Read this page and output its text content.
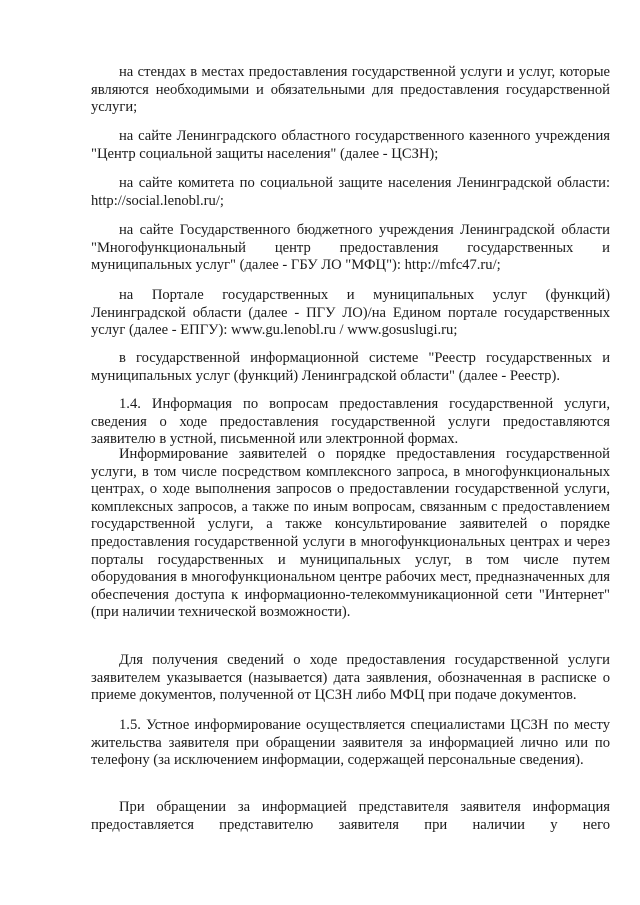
на стендах в местах предоставления государственной услуги и услуг, которые являются необходимыми и обязательными для предоставления государственной услуги;

на сайте Ленинградского областного государственного казенного учреждения "Центр социальной защиты населения" (далее - ЦСЗН);

на сайте комитета по социальной защите населения Ленинградской области: http://social.lenobl.ru/;

на сайте Государственного бюджетного учреждения Ленинградской области "Многофункциональный центр предоставления государственных и муниципальных услуг" (далее - ГБУ ЛО "МФЦ"): http://mfc47.ru/;

на Портале государственных и муниципальных услуг (функций) Ленинградской области (далее - ПГУ ЛО)/на Едином портале государственных услуг (далее - ЕПГУ): www.gu.lenobl.ru / www.gosuslugi.ru;

в государственной информационной системе "Реестр государственных и муниципальных услуг (функций) Ленинградской области" (далее - Реестр).

1.4. Информация по вопросам предоставления государственной услуги, сведения о ходе предоставления государственной услуги предоставляются заявителю в устной, письменной или электронной формах.

Информирование заявителей о порядке предоставления государственной услуги, в том числе посредством комплексного запроса, в многофункциональных центрах, о ходе выполнения запросов о предоставлении государственной услуги, комплексных запросов, а также по иным вопросам, связанным с предоставлением государственной услуги, а также консультирование заявителей о порядке предоставления государственной услуги в многофункциональных центрах и через порталы государственных и муниципальных услуг, в том числе путем оборудования в многофункциональном центре рабочих мест, предназначенных для обеспечения доступа к информационно-телекоммуникационной сети "Интернет" (при наличии технической возможности).

Для получения сведений о ходе предоставления государственной услуги заявителем указывается (называется) дата заявления, обозначенная в расписке о приеме документов, полученной от ЦСЗН либо МФЦ при подаче документов.

1.5. Устное информирование осуществляется специалистами ЦСЗН по месту жительства заявителя при обращении заявителя за информацией лично или по телефону (за исключением информации, содержащей персональные сведения).

При обращении за информацией представителя заявителя информация предоставляется представителю заявителя при наличии у него
